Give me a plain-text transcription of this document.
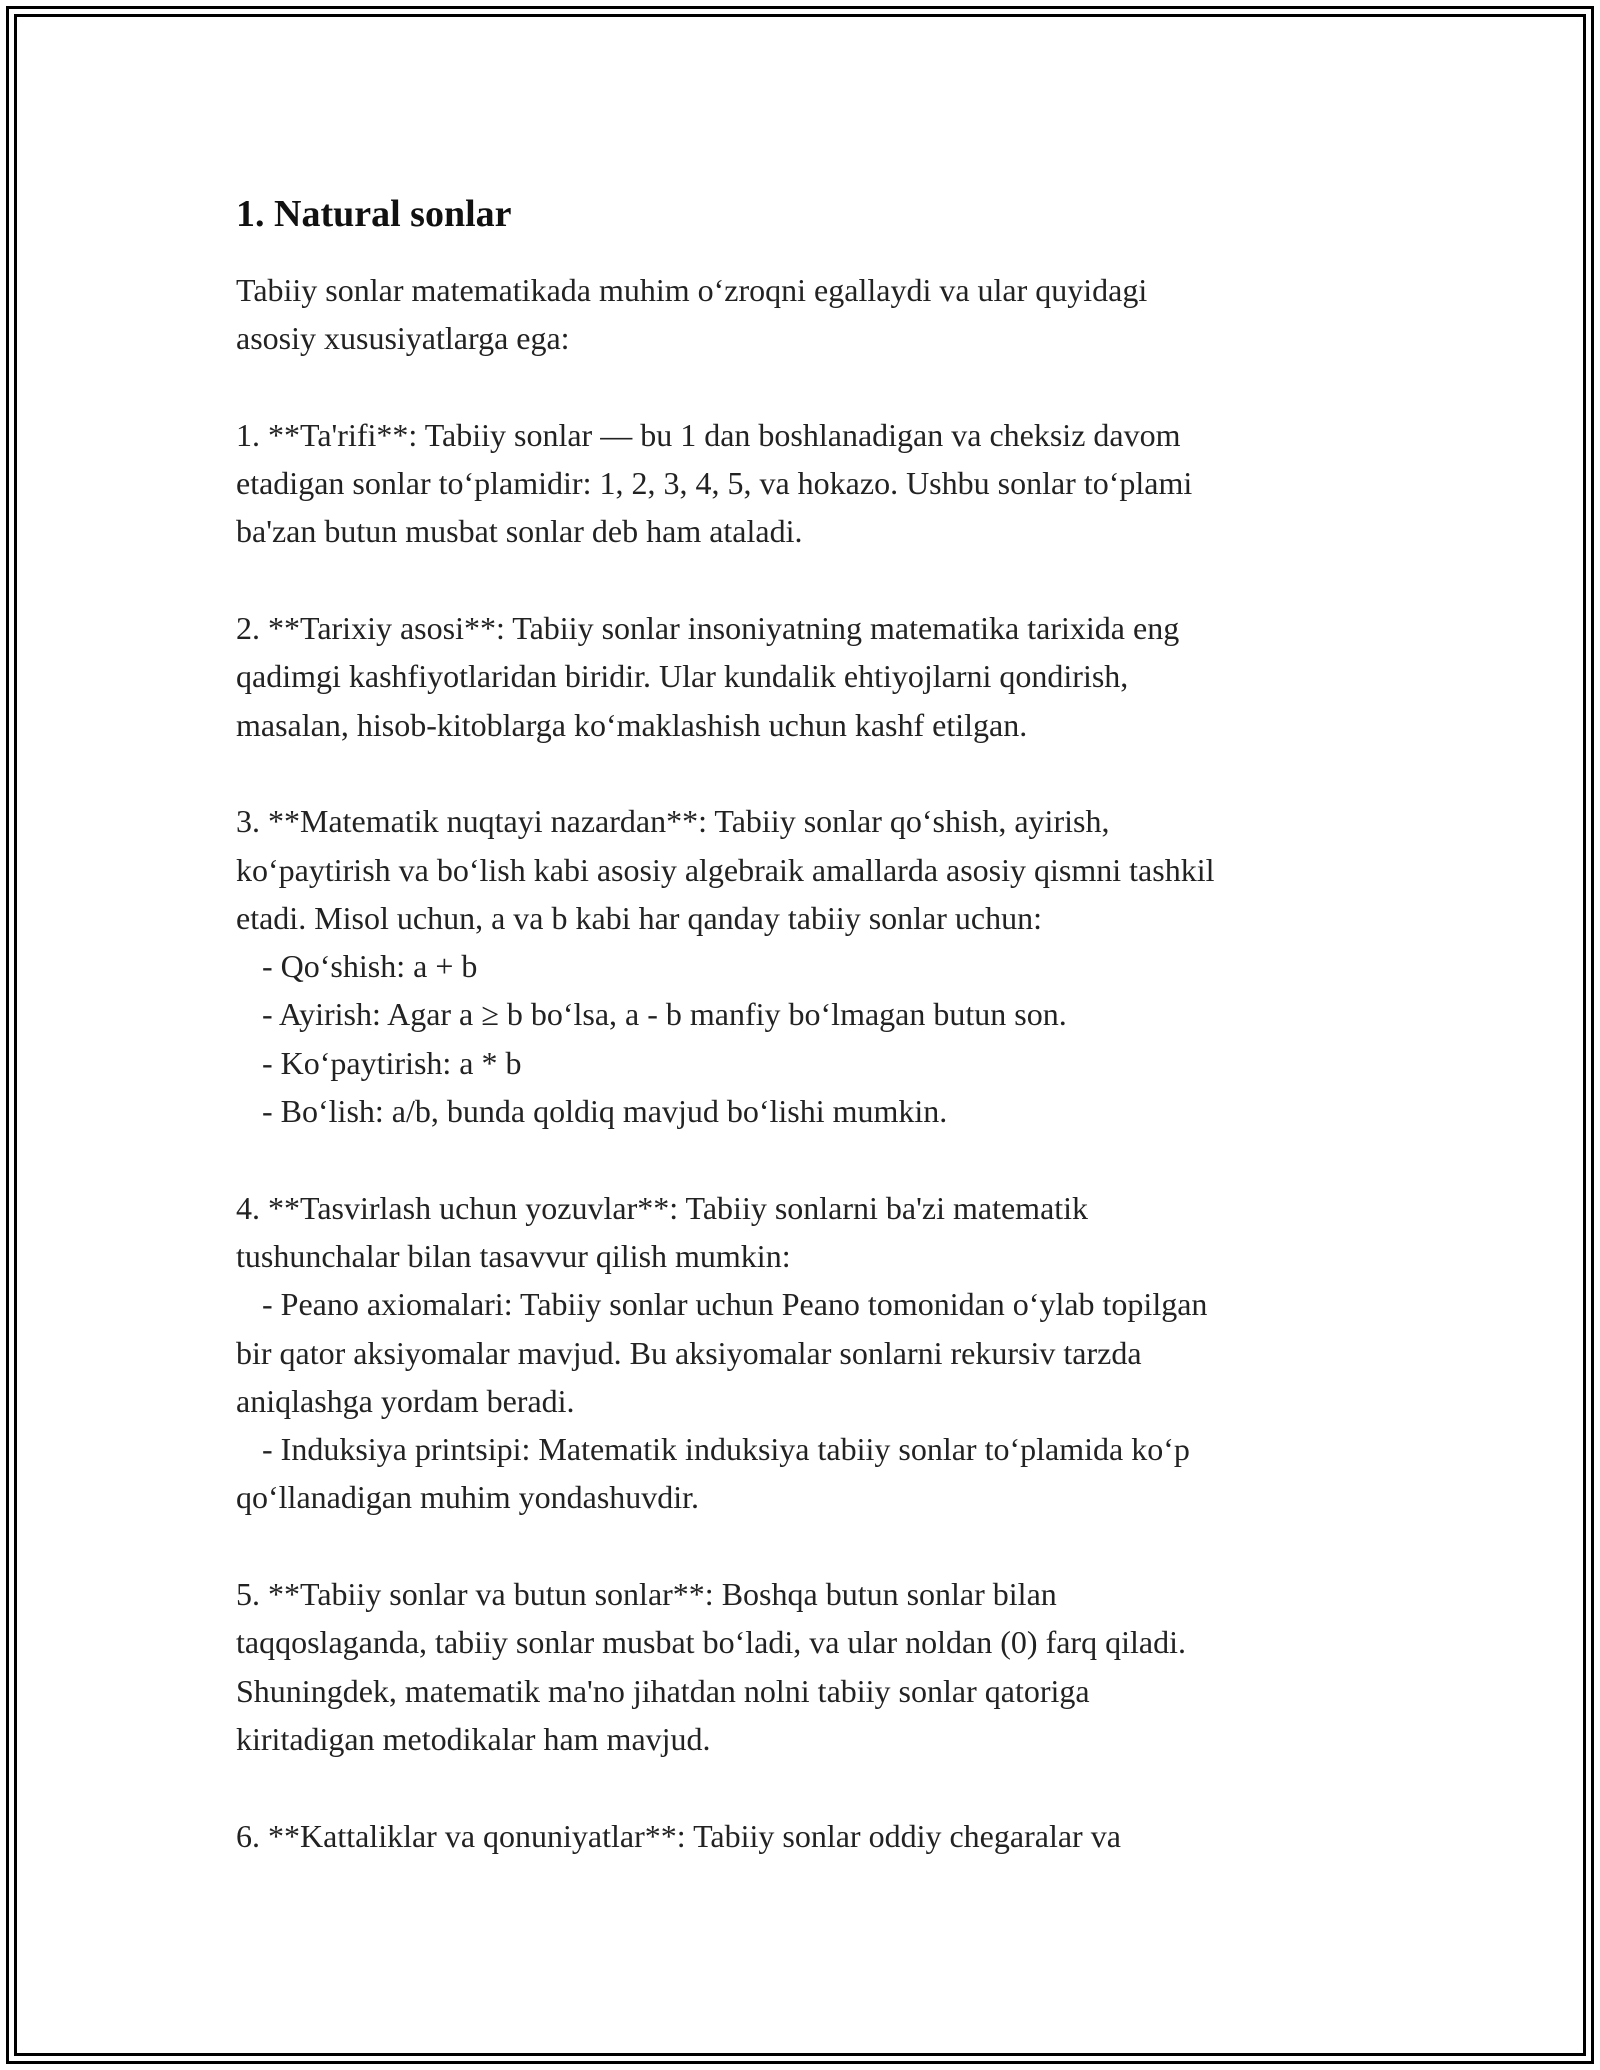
1. Natural sonlar
Tabiiy sonlar matematikada muhim o‘zroqni egallaydi va ular quyidagi
asosiy xususiyatlarga ega:
1. **Ta'rifi**: Tabiiy sonlar — bu 1 dan boshlanadigan va cheksiz davom
etadigan sonlar to‘plamidir: 1, 2, 3, 4, 5, va hokazo. Ushbu sonlar to‘plami
ba'zan butun musbat sonlar deb ham ataladi.
2. **Tarixiy asosi**: Tabiiy sonlar insoniyatning matematika tarixida eng
qadimgi kashfiyotlaridan biridir. Ular kundalik ehtiyojlarni qondirish,
masalan, hisob-kitoblarga ko‘maklashish uchun kashf etilgan.
3. **Matematik nuqtayi nazardan**: Tabiiy sonlar qo‘shish, ayirish,
ko‘paytirish va bo‘lish kabi asosiy algebraik amallarda asosiy qismni tashkil
etadi. Misol uchun, a va b kabi har qanday tabiiy sonlar uchun:
- Qo‘shish: a + b
- Ayirish: Agar a ≥ b bo‘lsa, a - b manfiy bo‘lmagan butun son.
- Ko‘paytirish: a * b
- Bo‘lish: a/b, bunda qoldiq mavjud bo‘lishi mumkin.
4. **Tasvirlash uchun yozuvlar**: Tabiiy sonlarni ba'zi matematik
tushunchalar bilan tasavvur qilish mumkin:
- Peano axiomalari: Tabiiy sonlar uchun Peano tomonidan o‘ylab topilgan
bir qator aksiyomalar mavjud. Bu aksiyomalar sonlarni rekursiv tarzda
aniqlashga yordam beradi.
- Induksiya printsipi: Matematik induksiya tabiiy sonlar to‘plamida ko‘p
qo‘llanadigan muhim yondashuvdir.
5. **Tabiiy sonlar va butun sonlar**: Boshqa butun sonlar bilan
taqqoslaganda, tabiiy sonlar musbat bo‘ladi, va ular noldan (0) farq qiladi.
Shuningdek, matematik ma'no jihatdan nolni tabiiy sonlar qatoriga
kiritadigan metodikalar ham mavjud.
6. **Kattaliklar va qonuniyatlar**: Tabiiy sonlar oddiy chegaralar va
